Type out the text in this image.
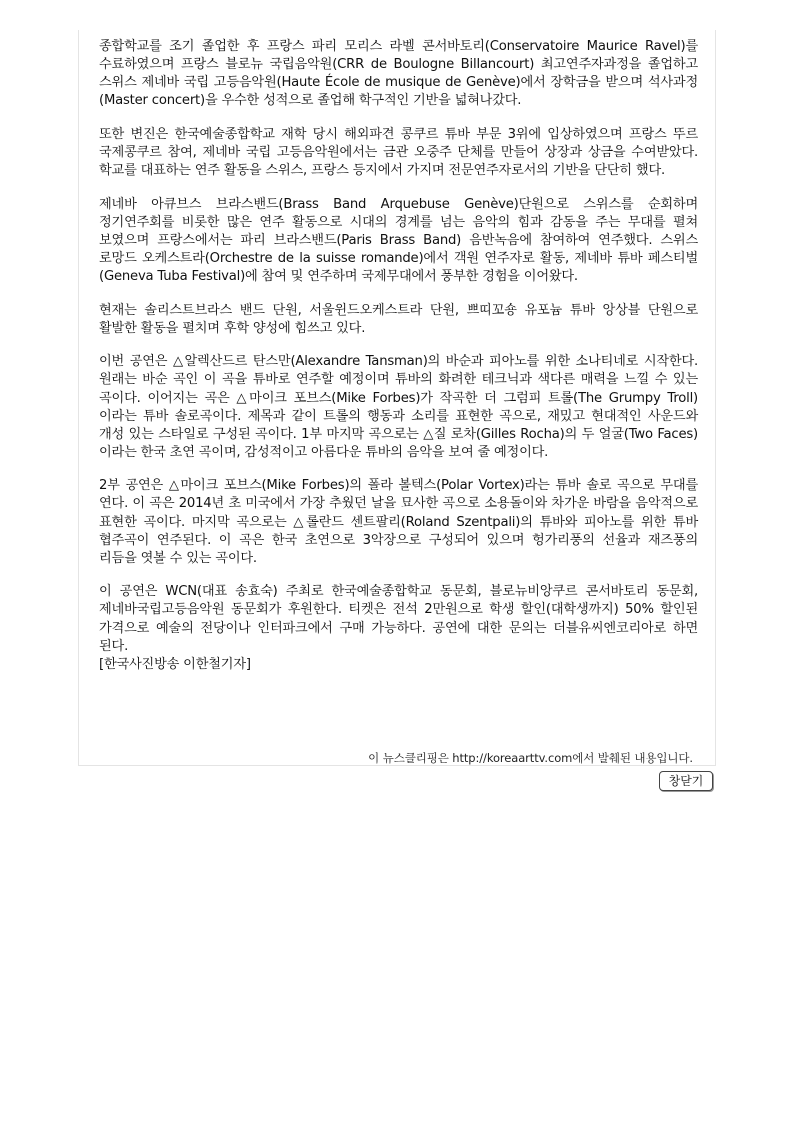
종합학교를 조기 졸업한 후 프랑스 파리 모리스 라벨 콘서바토리(Conservatoire Maurice Ravel)를 수료하였으며 프랑스 블로뉴 국립음악원(CRR de Boulogne Billancourt) 최고연주자과정을 졸업하고 스위스 제네바 국립 고등음악원(Haute École de musique de Genève)에서 장학금을 받으며 석사과정(Master concert)을 우수한 성적으로 졸업해 학구적인 기반을 넓혀나갔다.

또한 변진은 한국예술종합학교 재학 당시 해외파견 콩쿠르 튜바 부문 3위에 입상하였으며 프랑스 뚜르 국제콩쿠르 참여, 제네바 국립 고등음악원에서는 금관 오중주 단체를 만들어 상장과 상금을 수여받았다. 학교를 대표하는 연주 활동을 스위스, 프랑스 등지에서 가지며 전문연주자로서의 기반을 단단히 했다.

제네바 아큐브스 브라스밴드(Brass Band Arquebuse Genève)단원으로 스위스를 순회하며 정기연주회를 비롯한 많은 연주 활동으로 시대의 경계를 넘는 음악의 힘과 감동을 주는 무대를 펼쳐 보였으며 프랑스에서는 파리 브라스밴드(Paris Brass Band) 음반녹음에 참여하여 연주했다. 스위스 로망드 오케스트라(Orchestre de la suisse romande)에서 객원 연주자로 활동, 제네바 튜바 페스티벌(Geneva Tuba Festival)에 참여 및 연주하며 국제무대에서 풍부한 경험을 이어왔다.

현재는 솔리스트브라스 밴드 단원, 서울윈드오케스트라 단원, 쁘띠꼬숑 유포늄 튜바 앙상블 단원으로 활발한 활동을 펼치며 후학 양성에 힘쓰고 있다.

이번 공연은 △알렉산드르 탄스만(Alexandre Tansman)의 바순과 피아노를 위한 소나티네로 시작한다. 원래는 바순 곡인 이 곡을 튜바로 연주할 예정이며 튜바의 화려한 테크닉과 색다른 매력을 느낄 수 있는 곡이다. 이어지는 곡은 △마이크 포브스(Mike Forbes)가 작곡한 더 그럼피 트롤(The Grumpy Troll)이라는 튜바 솔로곡이다. 제목과 같이 트롤의 행동과 소리를 표현한 곡으로, 재밌고 현대적인 사운드와 개성 있는 스타일로 구성된 곡이다. 1부 마지막 곡으로는 △질 로차(Gilles Rocha)의 두 얼굴(Two Faces)이라는 한국 초연 곡이며, 감성적이고 아름다운 튜바의 음악을 보여 줄 예정이다.

2부 공연은 △마이크 포브스(Mike Forbes)의 폴라 볼텍스(Polar Vortex)라는 튜바 솔로 곡으로 무대를 연다. 이 곡은 2014년 초 미국에서 가장 추웠던 날을 묘사한 곡으로 소용돌이와 차가운 바람을 음악적으로 표현한 곡이다. 마지막 곡으로는 △롤란드 센트팔리(Roland Szentpali)의 튜바와 피아노를 위한 튜바 협주곡이 연주된다. 이 곡은 한국 초연으로 3악장으로 구성되어 있으며 헝가리풍의 선율과 재즈풍의 리듬을 엿볼 수 있는 곡이다.

이 공연은 WCN(대표 송효숙) 주최로 한국예술종합학교 동문회, 블로뉴비앙쿠르 콘서바토리 동문회, 제네바국립고등음악원 동문회가 후원한다. 티켓은 전석 2만원으로 학생 할인(대학생까지) 50% 할인된 가격으로 예술의 전당이나 인터파크에서 구매 가능하다. 공연에 대한 문의는 더블유씨엔코리아로 하면 된다.
[한국사진방송 이한철기자]

이 뉴스클리핑은 http://koreaarttv.com에서 발췌된 내용입니다.
창닫기
